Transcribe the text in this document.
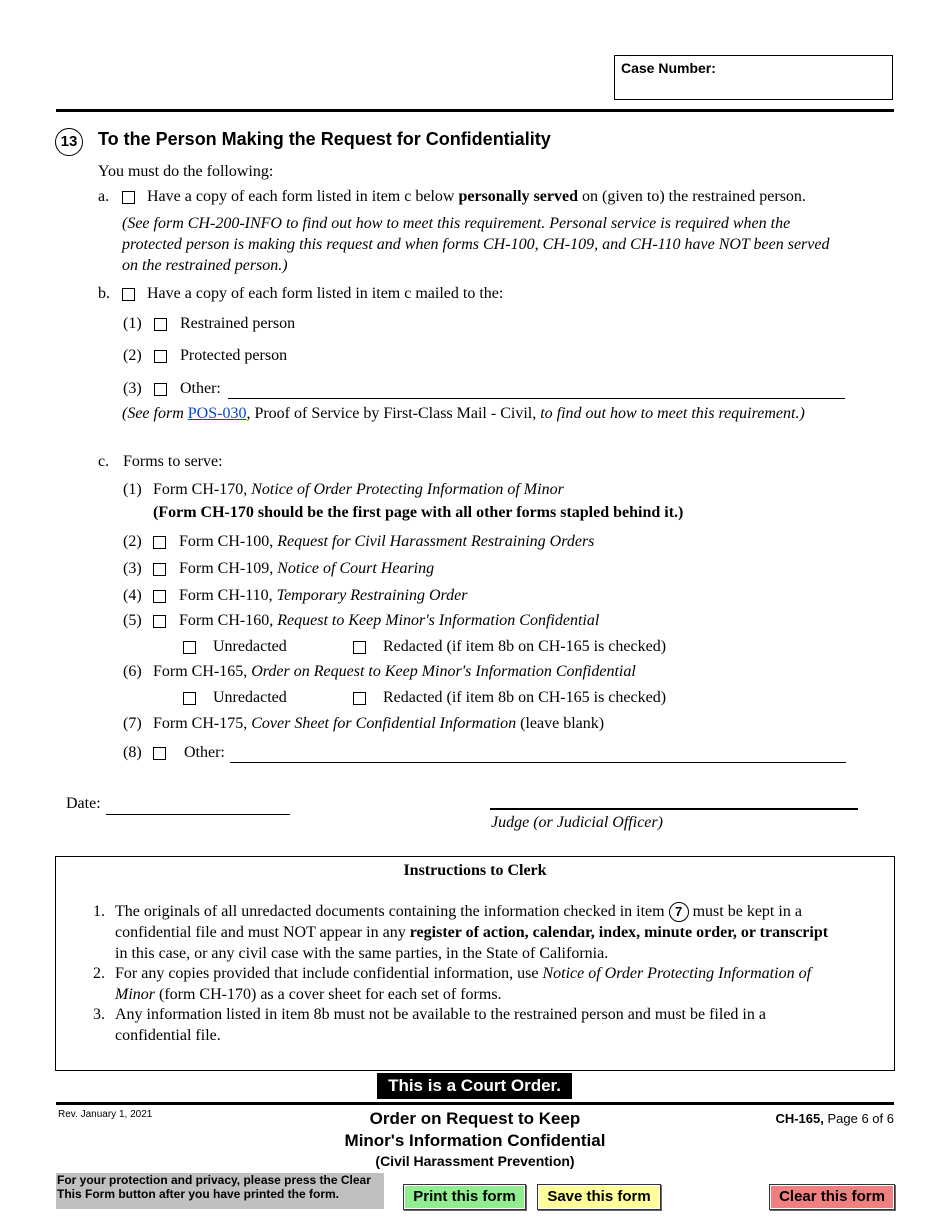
Case Number:
13	To the Person Making the Request for Confidentiality
You must do the following:
a. Have a copy of each form listed in item c below personally served on (given to) the restrained person.
(See form CH-200-INFO to find out how to meet this requirement. Personal service is required when the
protected person is making this request and when forms CH-100, CH-109, and CH-110 have NOT been served
on the restrained person.)
b. Have a copy of each form listed in item c mailed to the:
(1) Restrained person
(2) Protected person
(3) Other:
(See form POS-030, Proof of Service by First-Class Mail - Civil, to find out how to meet this requirement.)
c. Forms to serve:
(1) Form CH-170, Notice of Order Protecting Information of Minor
(Form CH-170 should be the first page with all other forms stapled behind it.)
(2) Form CH-100, Request for Civil Harassment Restraining Orders
(3) Form CH-109, Notice of Court Hearing
(4) Form CH-110, Temporary Restraining Order
(5) Form CH-160, Request to Keep Minor's Information Confidential
Unredacted	Redacted (if item 8b on CH-165 is checked)
(6) Form CH-165, Order on Request to Keep Minor's Information Confidential
Unredacted	Redacted (if item 8b on CH-165 is checked)
(7) Form CH-175, Cover Sheet for Confidential Information (leave blank)
(8)	Other:
Date:
Judge (or Judicial Officer)
Instructions to Clerk
1. The originals of all unredacted documents containing the information checked in item 7 must be kept in a
confidential file and must NOT appear in any register of action, calendar, index, minute order, or transcript
in this case, or any civil case with the same parties, in the State of California.
2. For any copies provided that include confidential information, use Notice of Order Protecting Information of
Minor (form CH-170) as a cover sheet for each set of forms.
3. Any information listed in item 8b must not be available to the restrained person and must be filed in a
confidential file.
This is a Court Order.
Rev. January 1, 2021	Order on Request to Keep
Minor's Information Confidential
(Civil Harassment Prevention)
CH-165, Page 6 of 6
For your protection and privacy, please press the Clear
This Form button after you have printed the form.	Print this form	Save this form	Clear this form
